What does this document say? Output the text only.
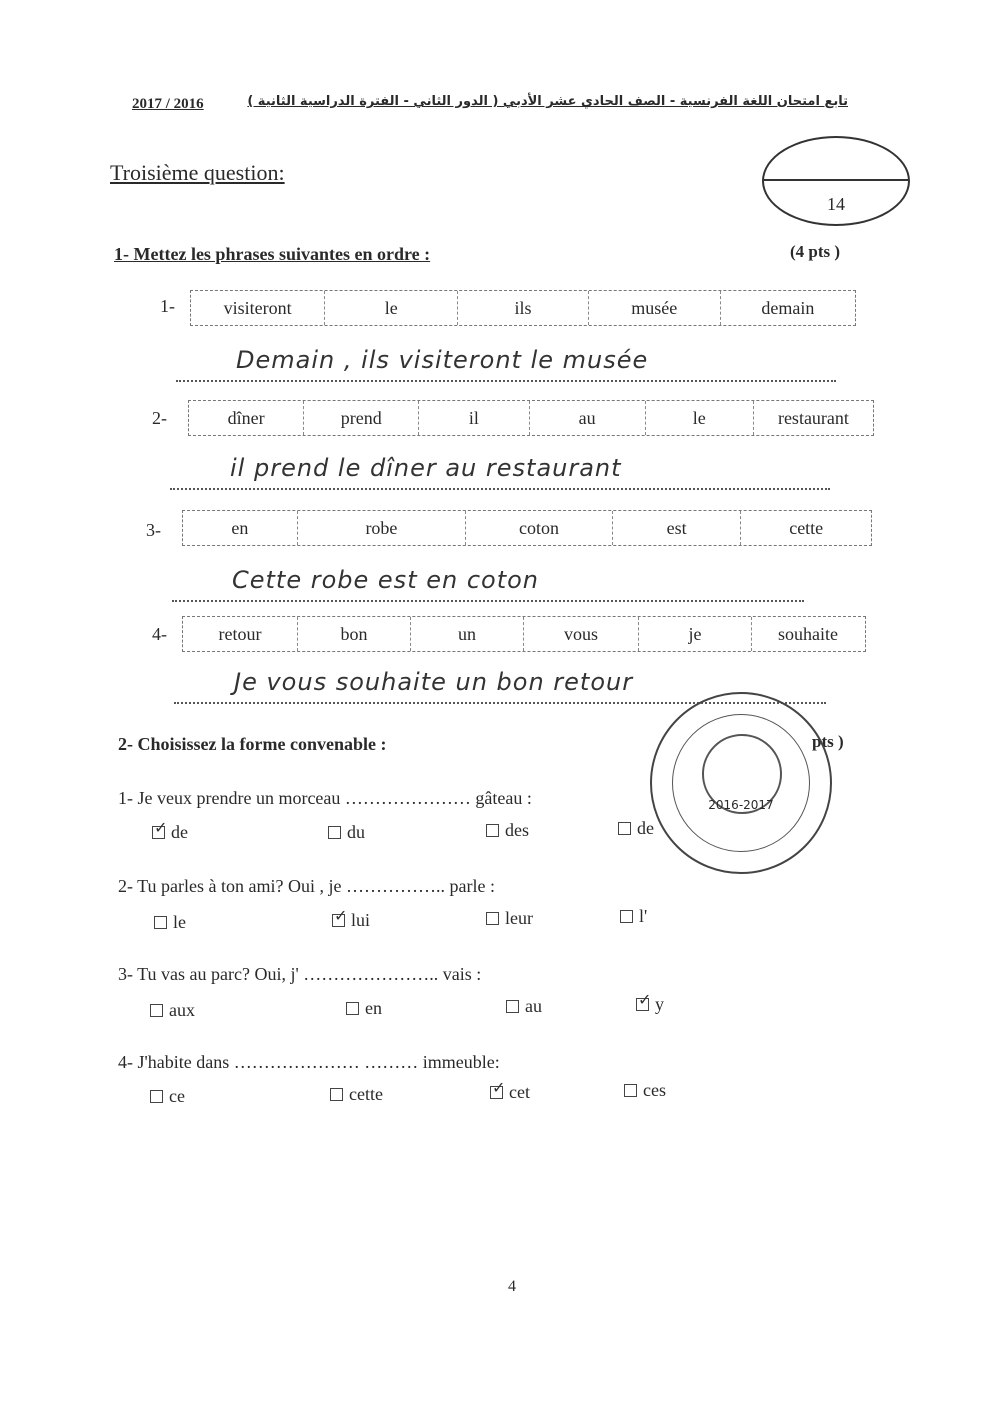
2017 / 2016	تابع امتحان اللغة الفرنسية - الصف الحادي عشر الأدبي ( الدور الثاني - الفترة الدراسية الثانية )
Troisième question:
14
1- Mettez les phrases suivantes en ordre :	(4 pts )
1-	visiteront	le	ils	musée	demain
Demain , ils visiteront le musée
2-	dîner	prend	il	au	le	restaurant
il prend le dîner au restaurant
3-	en	robe	coton	est	cette
Cette robe est en coton
4-	retour	bon	un	vous	je	souhaite
Je vous souhaite un bon retour
2- Choisissez la forme convenable :	pts )
1- Je veux prendre un morceau ………………… gâteau :
✓
de	du	des	de
2- Tu parles à ton ami? Oui , je …………….. parle :
le ✓	lui	leur	l'
3- Tu vas au parc? Oui, j' ………………….. vais :
aux	en	au ✓	y
4- J'habite dans ………………… ……… immeuble:
ce	cette ✓	cet	ces
2016-2017
4
